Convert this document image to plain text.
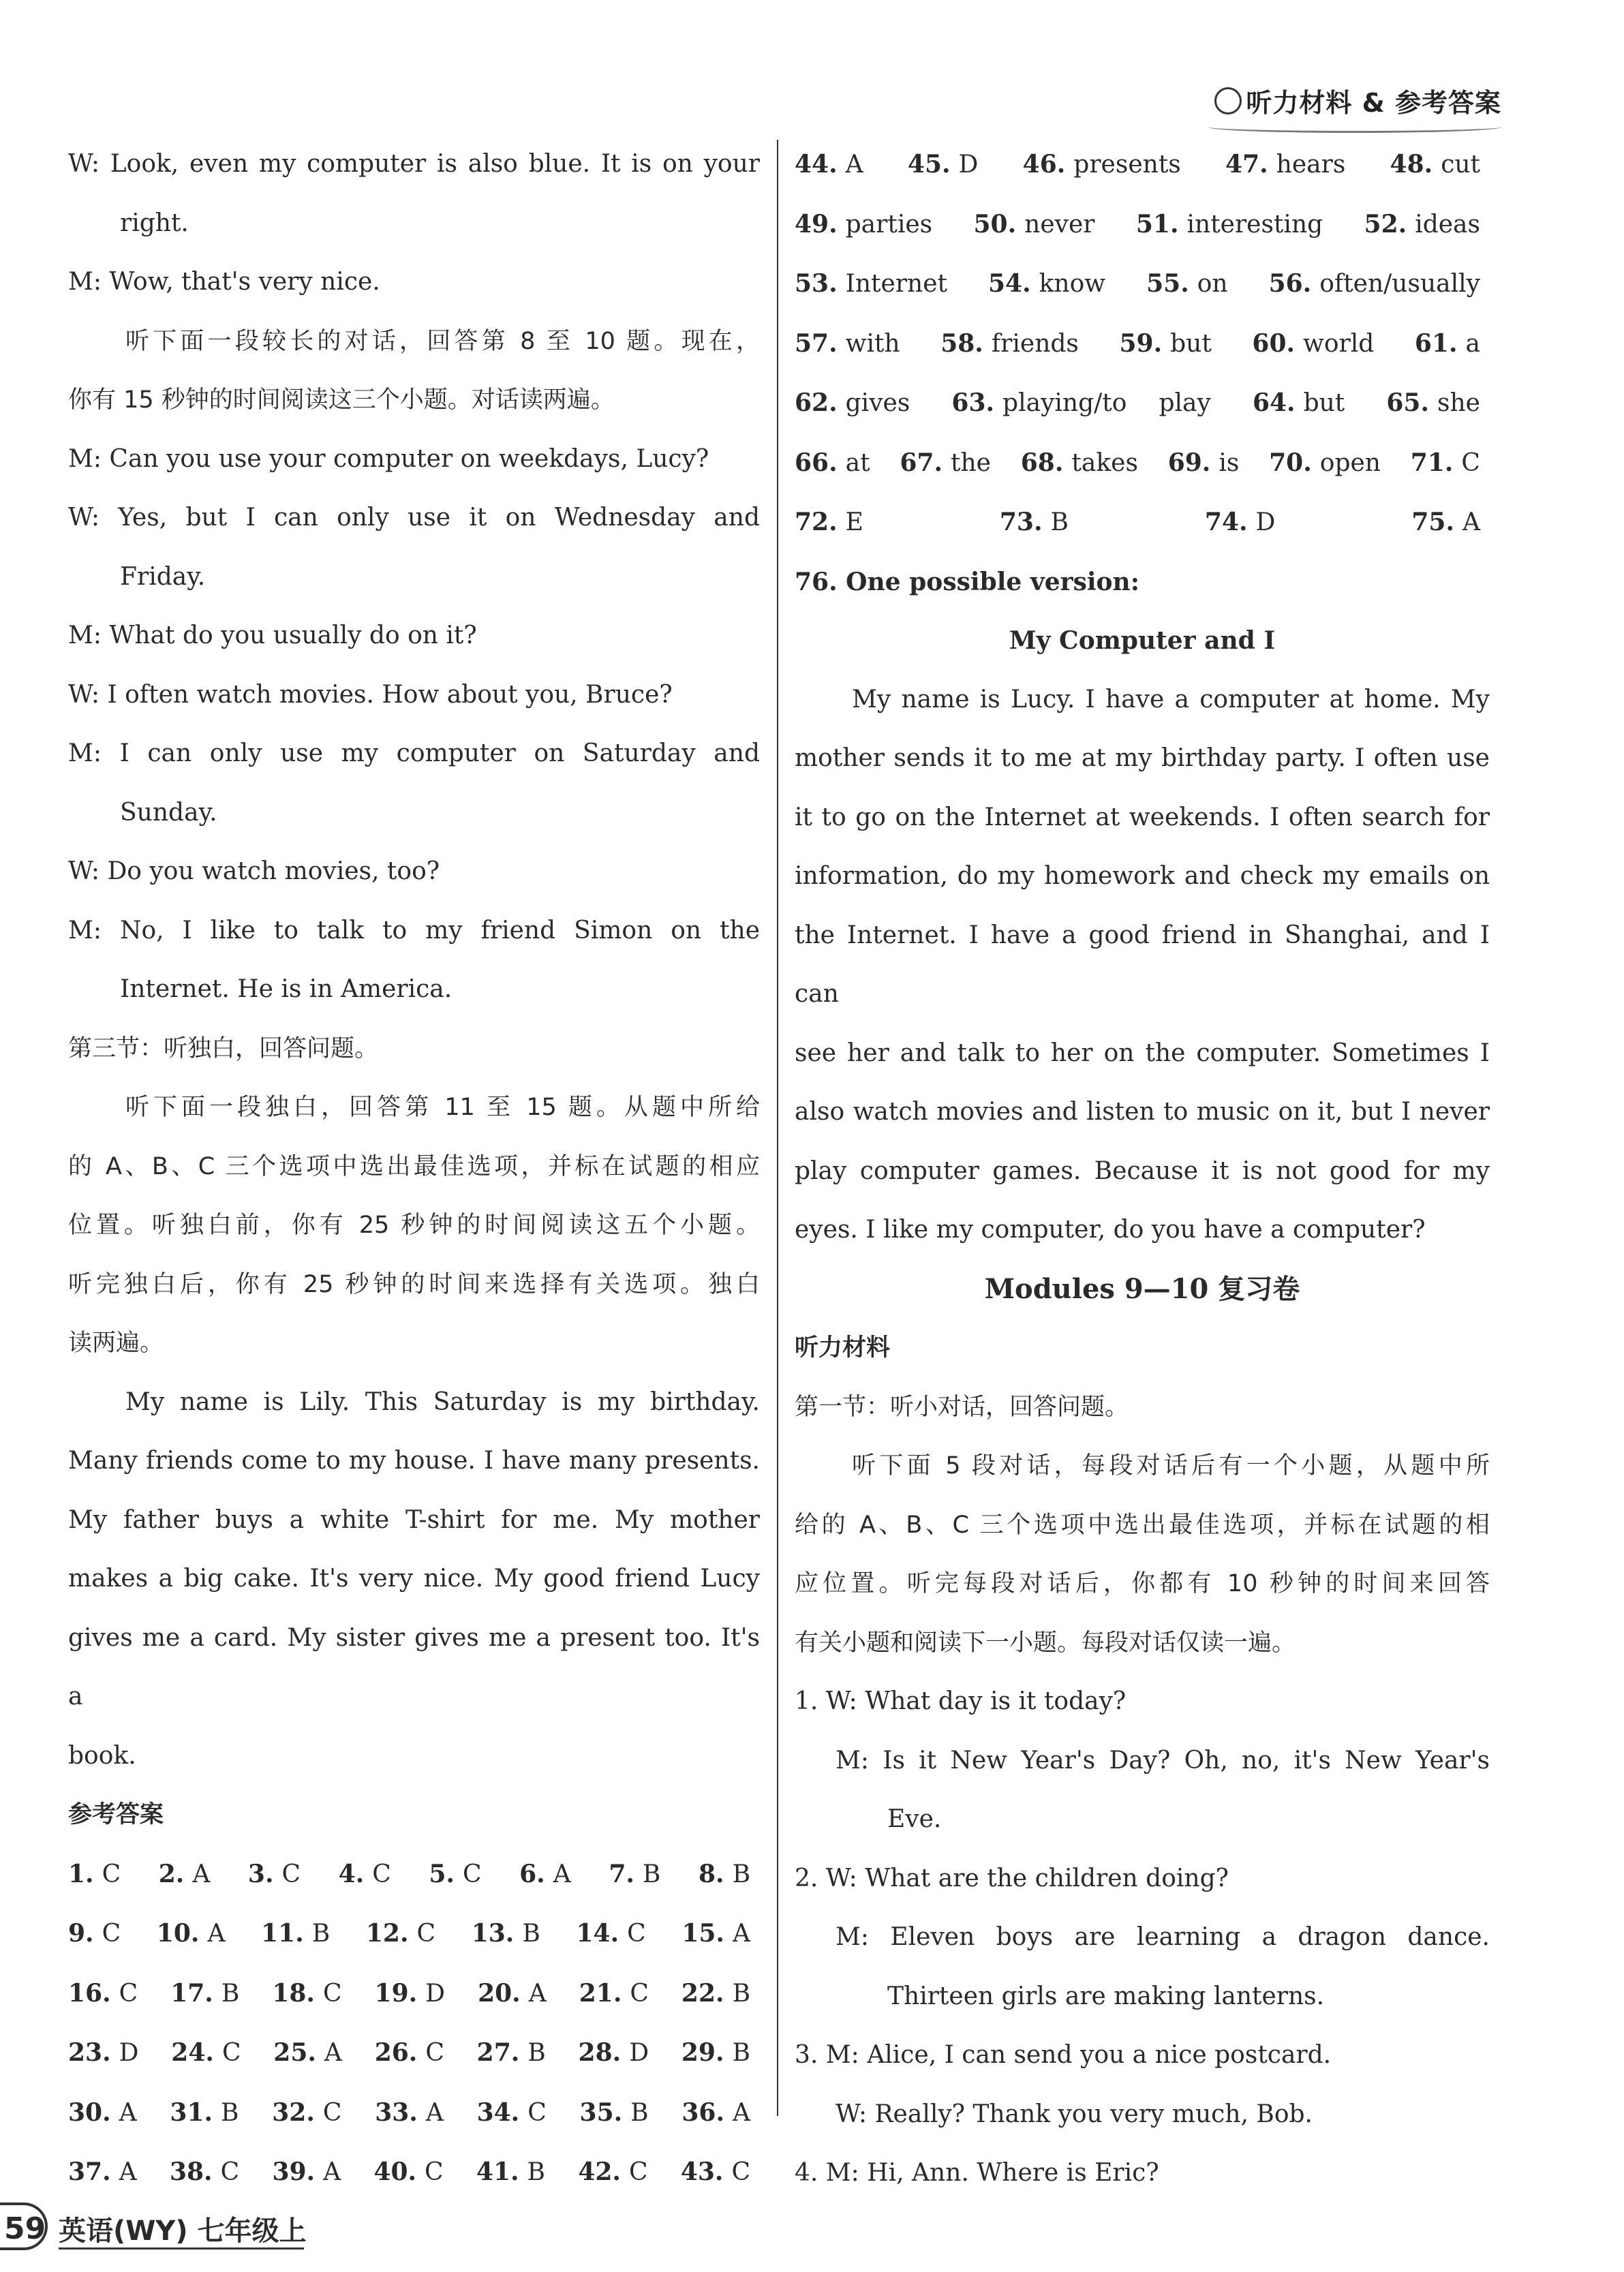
听力材料 & 参考答案
W: Look, even my computer is also blue. It is on your
right.
M: Wow, that's very nice.
听下面一段较长的对话，回答第 8 至 10 题。现在，
你有 15 秒钟的时间阅读这三个小题。对话读两遍。
M: Can you use your computer on weekdays, Lucy?
W: Yes, but I can only use it on Wednesday and
Friday.
M: What do you usually do on it?
W: I often watch movies. How about you, Bruce?
M: I can only use my computer on Saturday and
Sunday.
W: Do you watch movies, too?
M: No, I like to talk to my friend Simon on the
Internet. He is in America.
第三节：听独白，回答问题。
听下面一段独白，回答第 11 至 15 题。从题中所给
的 A、B、C 三个选项中选出最佳选项，并标在试题的相应
位置。听独白前，你有 25 秒钟的时间阅读这五个小题。
听完独白后，你有 25 秒钟的时间来选择有关选项。独白
读两遍。
My name is Lily. This Saturday is my birthday.
Many friends come to my house. I have many presents.
My father buys a white T-shirt for me. My mother
makes a big cake. It's very nice. My good friend Lucy
gives me a card. My sister gives me a present too. It's a
book.
参考答案
1. C 2. A 3. C 4. C 5. C 6. A 7. B 8. B
9. C 10. A 11. B 12. C 13. B 14. C 15. A
16. C 17. B 18. C 19. D 20. A 21. C 22. B
23. D 24. C 25. A 26. C 27. B 28. D 29. B
30. A 31. B 32. C 33. A 34. C 35. B 36. A
37. A 38. C 39. A 40. C 41. B 42. C 43. C
44. A 45. D 46. presents 47. hears 48. cut
49. parties 50. never 51. interesting 52. ideas
53. Internet 54. know 55. on 56. often/usually
57. with 58. friends 59. but 60. world 61. a
62. gives 63. playing/to play 64. but 65. she
66. at 67. the 68. takes 69. is 70. open 71. C
72. E	73. B	74. D	75. A
76. One possible version:
My Computer and I
My name is Lucy. I have a computer at home. My
mother sends it to me at my birthday party. I often use
it to go on the Internet at weekends. I often search for
information, do my homework and check my emails on
the Internet. I have a good friend in Shanghai, and I can
see her and talk to her on the computer. Sometimes I
also watch movies and listen to music on it, but I never
play computer games. Because it is not good for my
eyes. I like my computer, do you have a computer?
Modules 9—10 复习卷
听力材料
第一节：听小对话，回答问题。
听下面 5 段对话，每段对话后有一个小题，从题中所
给的 A、B、C 三个选项中选出最佳选项，并标在试题的相
应位置。听完每段对话后，你都有 10 秒钟的时间来回答
有关小题和阅读下一小题。每段对话仅读一遍。
1. W: What day is it today?
M: Is it New Year's Day? Oh, no, it's New Year's
Eve.
2. W: What are the children doing?
M: Eleven boys are learning a dragon dance.
Thirteen girls are making lanterns.
3. M: Alice, I can send you a nice postcard.
W: Really? Thank you very much, Bob.
4. M: Hi, Ann. Where is Eric?
59 英语(WY) 七年级上
